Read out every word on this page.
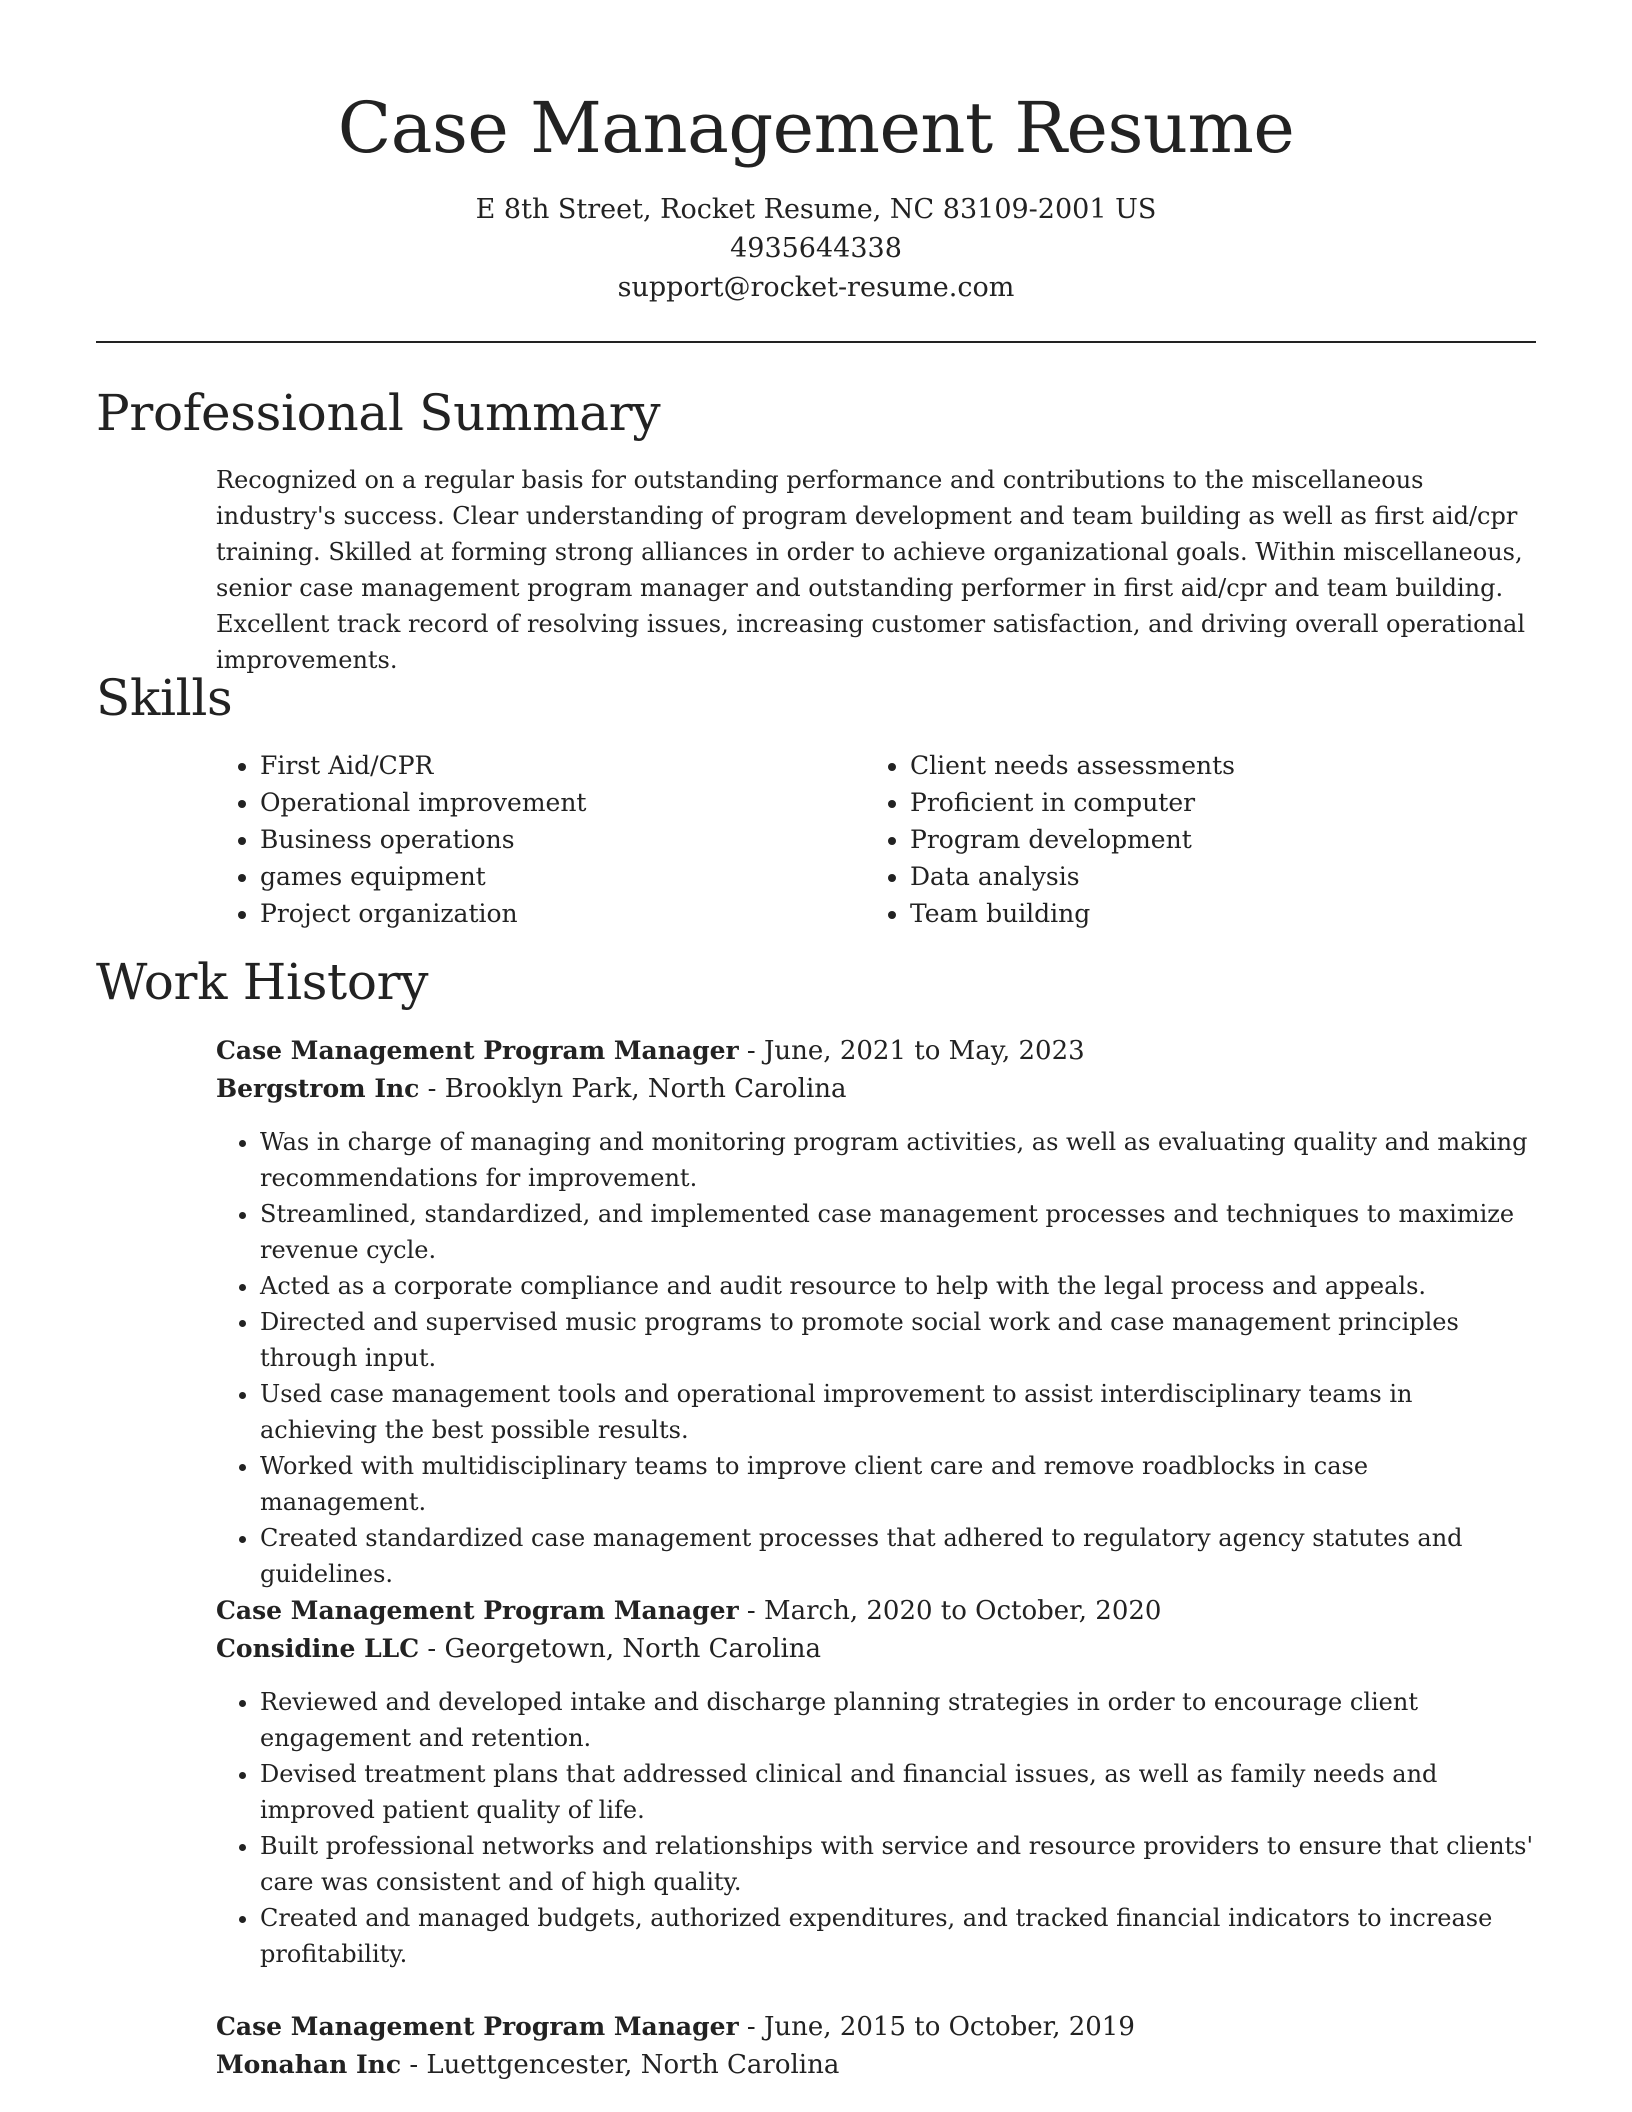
Case Management Resume
E 8th Street, Rocket Resume, NC 83109-2001 US
4935644338
support@rocket-resume.com
Professional Summary

Recognized on a regular basis for outstanding performance and contributions to the miscellaneous industry's success. Clear understanding of program development and team building as well as first aid/cpr training. Skilled at forming strong alliances in order to achieve organizational goals. Within miscellaneous, senior case management program manager and outstanding performer in first aid/cpr and team building. Excellent track record of resolving issues, increasing customer satisfaction, and driving overall operational improvements.

Skills
• First Aid/CPR
• Operational improvement
• Business operations
• games equipment
• Project organization
• Client needs assessments
• Proficient in computer
• Program development
• Data analysis
• Team building
Work History

Case Management Program Manager - June, 2021 to May, 2023

Bergstrom Inc - Brooklyn Park, North Carolina

• Was in charge of managing and monitoring program activities, as well as evaluating quality and making recommendations for improvement.
• Streamlined, standardized, and implemented case management processes and techniques to maximize revenue cycle.
• Acted as a corporate compliance and audit resource to help with the legal process and appeals.
• Directed and supervised music programs to promote social work and case management principles through input.
• Used case management tools and operational improvement to assist interdisciplinary teams in achieving the best possible results.
• Worked with multidisciplinary teams to improve client care and remove roadblocks in case management.
• Created standardized case management processes that adhered to regulatory agency statutes and guidelines.

Case Management Program Manager - March, 2020 to October, 2020

Considine LLC - Georgetown, North Carolina

• Reviewed and developed intake and discharge planning strategies in order to encourage client engagement and retention.
• Devised treatment plans that addressed clinical and financial issues, as well as family needs and improved patient quality of life.
• Built professional networks and relationships with service and resource providers to ensure that clients' care was consistent and of high quality.
• Created and managed budgets, authorized expenditures, and tracked financial indicators to increase profitability.

Case Management Program Manager - June, 2015 to October, 2019

Monahan Inc - Luettgencester, North Carolina
